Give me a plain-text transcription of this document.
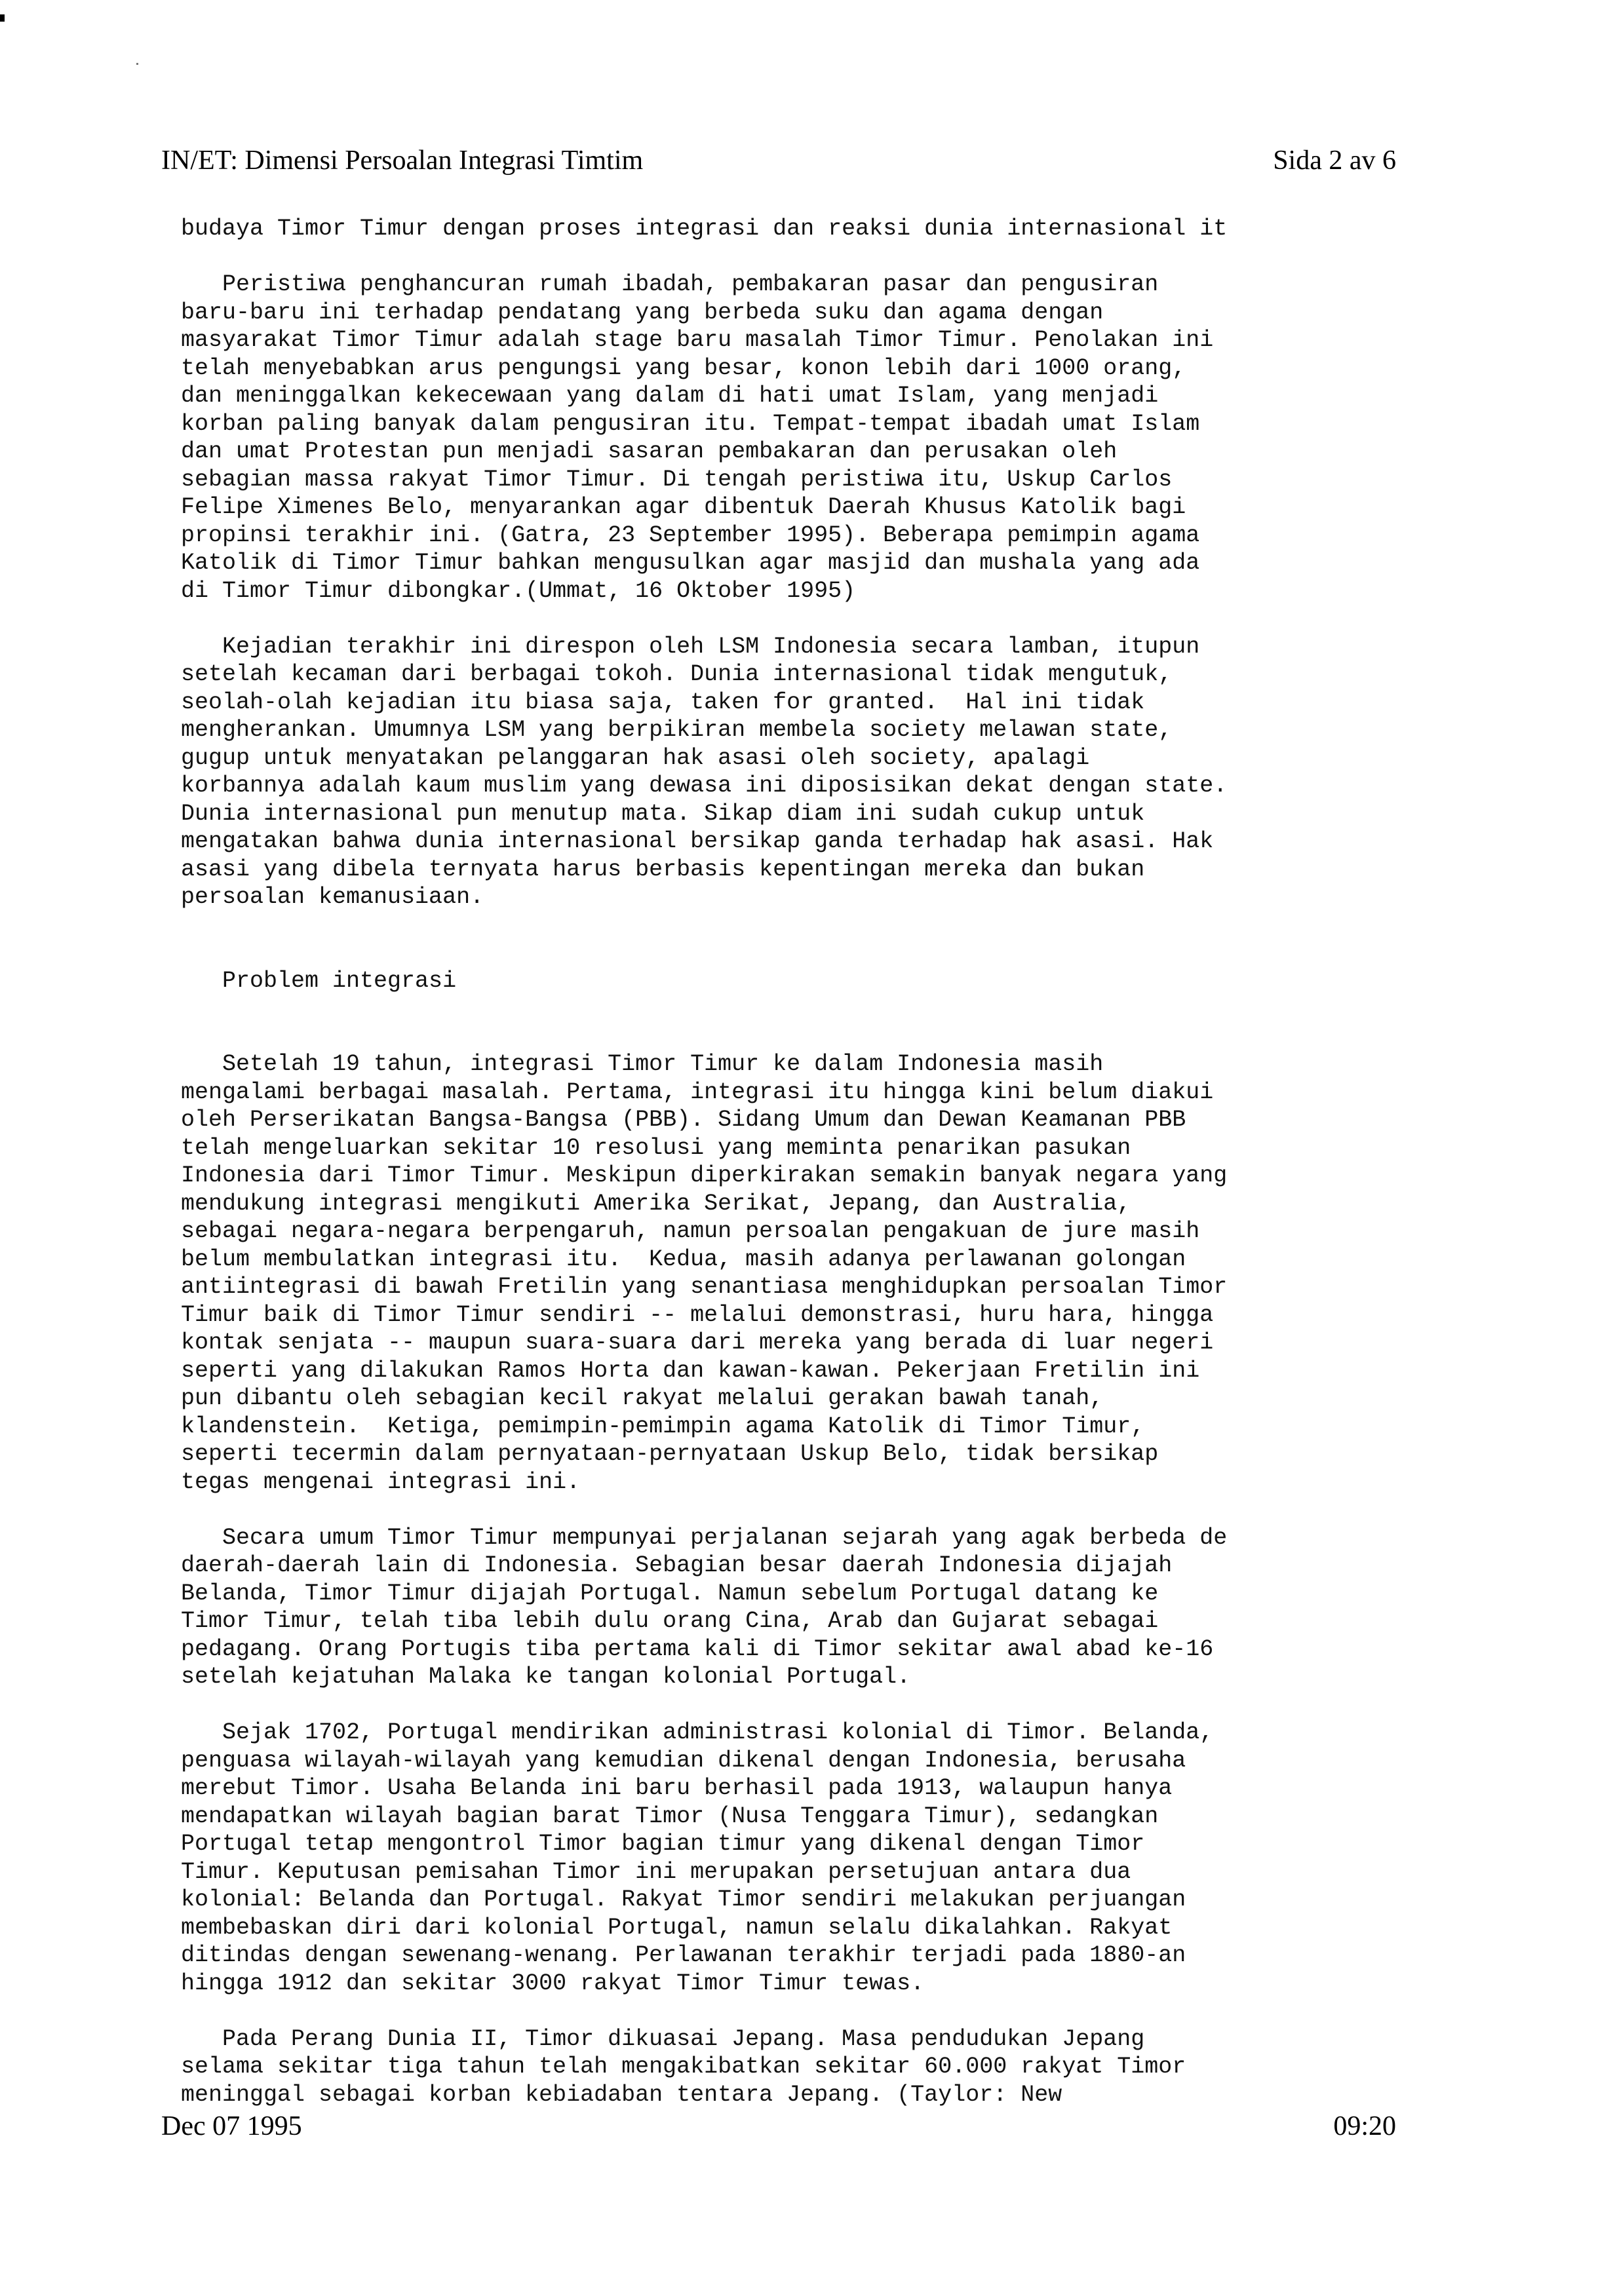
IN/ET: Dimensi Persoalan Integrasi Timtim	Sida 2 av 6

budaya Timor Timur dengan proses integrasi dan reaksi dunia internasional it

Peristiwa penghancuran rumah ibadah, pembakaran pasar dan pengusiran
baru-baru ini terhadap pendatang yang berbeda suku dan agama dengan
masyarakat Timor Timur adalah stage baru masalah Timor Timur. Penolakan ini
telah menyebabkan arus pengungsi yang besar, konon lebih dari 1000 orang,
dan meninggalkan kekecewaan yang dalam di hati umat Islam, yang menjadi
korban paling banyak dalam pengusiran itu. Tempat-tempat ibadah umat Islam
dan umat Protestan pun menjadi sasaran pembakaran dan perusakan oleh
sebagian massa rakyat Timor Timur. Di tengah peristiwa itu, Uskup Carlos
Felipe Ximenes Belo, menyarankan agar dibentuk Daerah Khusus Katolik bagi
propinsi terakhir ini. (Gatra, 23 September 1995). Beberapa pemimpin agama
Katolik di Timor Timur bahkan mengusulkan agar masjid dan mushala yang ada
di Timor Timur dibongkar.(Ummat, 16 Oktober 1995)

Kejadian terakhir ini direspon oleh LSM Indonesia secara lamban, itupun
setelah kecaman dari berbagai tokoh. Dunia internasional tidak mengutuk,
seolah-olah kejadian itu biasa saja, taken for granted.  Hal ini tidak
mengherankan. Umumnya LSM yang berpikiran membela society melawan state,
gugup untuk menyatakan pelanggaran hak asasi oleh society, apalagi
korbannya adalah kaum muslim yang dewasa ini diposisikan dekat dengan state.
Dunia internasional pun menutup mata. Sikap diam ini sudah cukup untuk
mengatakan bahwa dunia internasional bersikap ganda terhadap hak asasi. Hak
asasi yang dibela ternyata harus berbasis kepentingan mereka dan bukan
persoalan kemanusiaan.

Problem integrasi

Setelah 19 tahun, integrasi Timor Timur ke dalam Indonesia masih
mengalami berbagai masalah. Pertama, integrasi itu hingga kini belum diakui
oleh Perserikatan Bangsa-Bangsa (PBB). Sidang Umum dan Dewan Keamanan PBB
telah mengeluarkan sekitar 10 resolusi yang meminta penarikan pasukan
Indonesia dari Timor Timur. Meskipun diperkirakan semakin banyak negara yang
mendukung integrasi mengikuti Amerika Serikat, Jepang, dan Australia,
sebagai negara-negara berpengaruh, namun persoalan pengakuan de jure masih
belum membulatkan integrasi itu.  Kedua, masih adanya perlawanan golongan
antiintegrasi di bawah Fretilin yang senantiasa menghidupkan persoalan Timor
Timur baik di Timor Timur sendiri -- melalui demonstrasi, huru hara, hingga
kontak senjata -- maupun suara-suara dari mereka yang berada di luar negeri
seperti yang dilakukan Ramos Horta dan kawan-kawan. Pekerjaan Fretilin ini
pun dibantu oleh sebagian kecil rakyat melalui gerakan bawah tanah,
klandenstein.  Ketiga, pemimpin-pemimpin agama Katolik di Timor Timur,
seperti tecermin dalam pernyataan-pernyataan Uskup Belo, tidak bersikap
tegas mengenai integrasi ini.

Secara umum Timor Timur mempunyai perjalanan sejarah yang agak berbeda de
daerah-daerah lain di Indonesia. Sebagian besar daerah Indonesia dijajah
Belanda, Timor Timur dijajah Portugal. Namun sebelum Portugal datang ke
Timor Timur, telah tiba lebih dulu orang Cina, Arab dan Gujarat sebagai
pedagang. Orang Portugis tiba pertama kali di Timor sekitar awal abad ke-16
setelah kejatuhan Malaka ke tangan kolonial Portugal.

Sejak 1702, Portugal mendirikan administrasi kolonial di Timor. Belanda,
penguasa wilayah-wilayah yang kemudian dikenal dengan Indonesia, berusaha
merebut Timor. Usaha Belanda ini baru berhasil pada 1913, walaupun hanya
mendapatkan wilayah bagian barat Timor (Nusa Tenggara Timur), sedangkan
Portugal tetap mengontrol Timor bagian timur yang dikenal dengan Timor
Timur. Keputusan pemisahan Timor ini merupakan persetujuan antara dua
kolonial: Belanda dan Portugal. Rakyat Timor sendiri melakukan perjuangan
membebaskan diri dari kolonial Portugal, namun selalu dikalahkan. Rakyat
ditindas dengan sewenang-wenang. Perlawanan terakhir terjadi pada 1880-an
hingga 1912 dan sekitar 3000 rakyat Timor Timur tewas.

Pada Perang Dunia II, Timor dikuasai Jepang. Masa pendudukan Jepang
selama sekitar tiga tahun telah mengakibatkan sekitar 60.000 rakyat Timor
meninggal sebagai korban kebiadaban tentara Jepang. (Taylor: New

Dec 07 1995	09:20
